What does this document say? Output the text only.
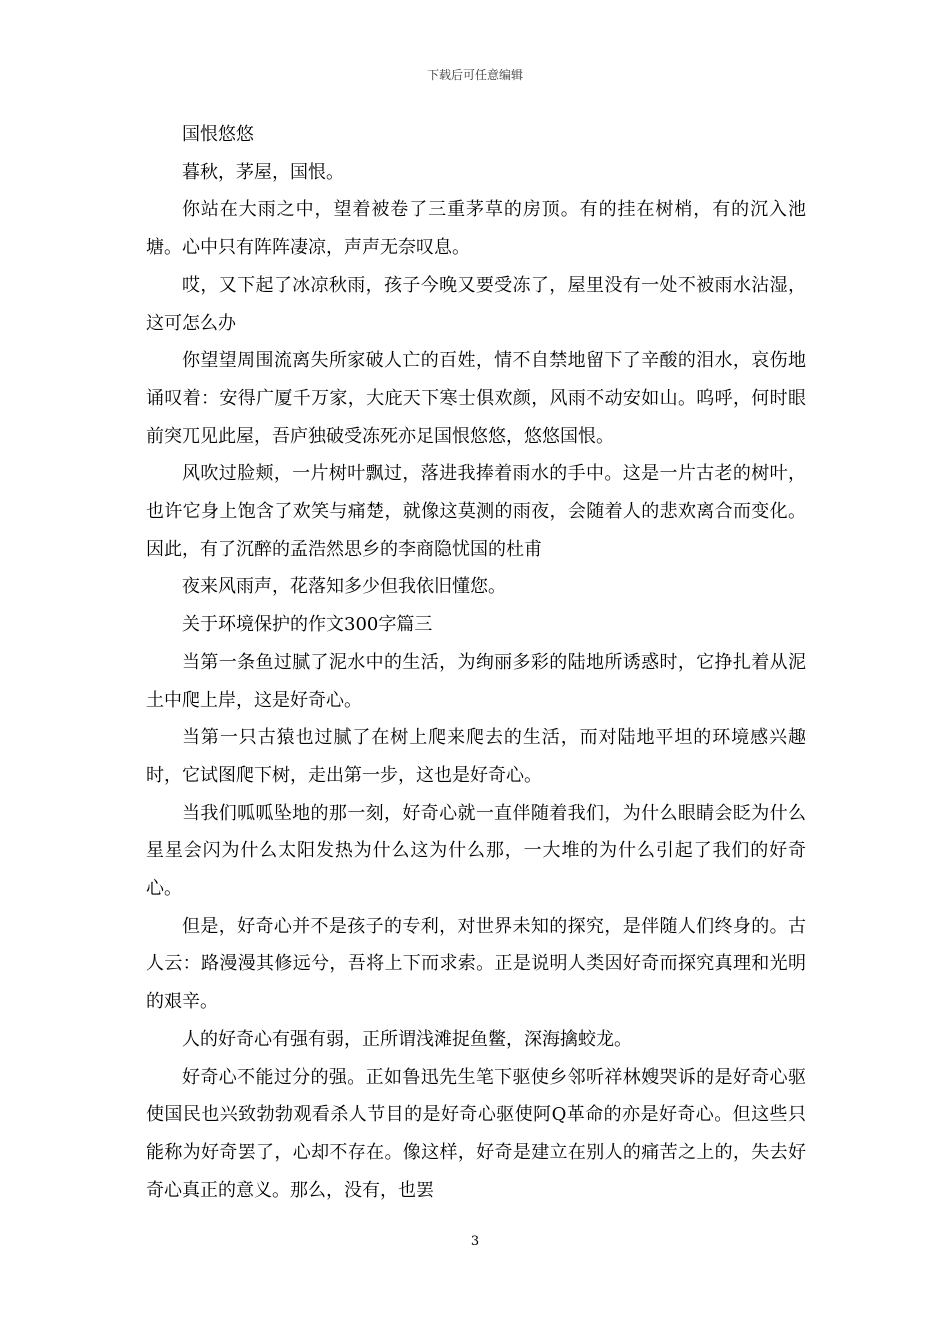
下载后可任意编辑

国恨悠悠

暮秋，茅屋，国恨。

你站在大雨之中，望着被卷了三重茅草的房顶。有的挂在树梢，有的沉入池塘。心中只有阵阵凄凉，声声无奈叹息。

哎，又下起了冰凉秋雨，孩子今晚又要受冻了，屋里没有一处不被雨水沾湿，这可怎么办

你望望周围流离失所家破人亡的百姓，情不自禁地留下了辛酸的泪水，哀伤地诵叹着：安得广厦千万家，大庇天下寒士俱欢颜，风雨不动安如山。呜呼，何时眼前突兀见此屋，吾庐独破受冻死亦足国恨悠悠，悠悠国恨。

风吹过脸颊，一片树叶飘过，落进我捧着雨水的手中。这是一片古老的树叶，也许它身上饱含了欢笑与痛楚，就像这莫测的雨夜，会随着人的悲欢离合而变化。因此，有了沉醉的孟浩然思乡的李商隐忧国的杜甫

夜来风雨声，花落知多少但我依旧懂您。

关于环境保护的作文300字篇三

当第一条鱼过腻了泥水中的生活，为绚丽多彩的陆地所诱惑时，它挣扎着从泥土中爬上岸，这是好奇心。

当第一只古猿也过腻了在树上爬来爬去的生活，而对陆地平坦的环境感兴趣时，它试图爬下树，走出第一步，这也是好奇心。

当我们呱呱坠地的那一刻，好奇心就一直伴随着我们，为什么眼睛会眨为什么星星会闪为什么太阳发热为什么这为什么那，一大堆的为什么引起了我们的好奇心。

但是，好奇心并不是孩子的专利，对世界未知的探究，是伴随人们终身的。古人云：路漫漫其修远兮，吾将上下而求索。正是说明人类因好奇而探究真理和光明的艰辛。

人的好奇心有强有弱，正所谓浅滩捉鱼鳖，深海擒蛟龙。

好奇心不能过分的强。正如鲁迅先生笔下驱使乡邻听祥林嫂哭诉的是好奇心驱使国民也兴致勃勃观看杀人节目的是好奇心驱使阿Q革命的亦是好奇心。但这些只能称为好奇罢了，心却不存在。像这样，好奇是建立在别人的痛苦之上的，失去好奇心真正的意义。那么，没有，也罢

3
